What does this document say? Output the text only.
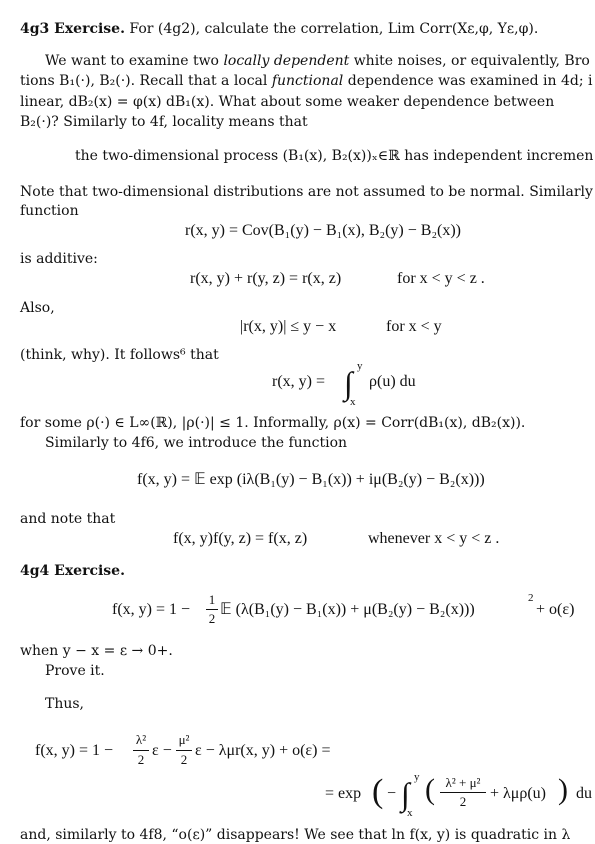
4g3 Exercise. For (4g2), calculate the correlation, Lim Corr(Xε,φ, Yε,φ).
We want to examine two locally dependent white noises, or equivalently, Bro
tions B₁(·), B₂(·). Recall that a local functional dependence was examined in 4d; i
linear, dB₂(x) = φ(x) dB₁(x). What about some weaker dependence between
B₂(·)? Similarly to 4f, locality means that
the two-dimensional process (B₁(x), B₂(x))ₓ∈ℝ has independent incremen
Note that two-dimensional distributions are not assumed to be normal. Similarly
function
r(x, y) = Cov(B₁(y) − B₁(x), B₂(y) − B₂(x))
is additive:
r(x, y) + r(y, z) = r(x, z)	for x < y < z .
Also,
|r(x, y)| ≤ y − x	for x < y
(think, why). It follows⁶ that
r(x, y) = ∫ y
x
ρ(u) du
for some ρ(·) ∈ L∞(ℝ), |ρ(·)| ≤ 1. Informally, ρ(x) = Corr(dB₁(x), dB₂(x)).
Similarly to 4f6, we introduce the function
f(x, y) = 𝔼 exp (iλ(B₁(y) − B₁(x)) + iμ(B₂(y) − B₂(x)))
and note that
f(x, y)f(y, z) = f(x, z)	whenever x < y < z .
4g4 Exercise.
f(x, y) = 1 −
1
2
𝔼 (λ(B₁(y) − B₁(x)) + μ(B₂(y) − B₂(x)))
2
+ o(ε)
when y − x = ε → 0+.
Prove it.
Thus,
f(x, y) = 1 −
λ²
2
ε −
μ²
2
ε − λμr(x, y) + o(ε) =
= exp ( − ∫ y
x
( λ² + μ²
2	+ λμρ(u) ) du
and, similarly to 4f8, “o(ε)” disappears! We see that ln f(x, y) is quadratic in λ
